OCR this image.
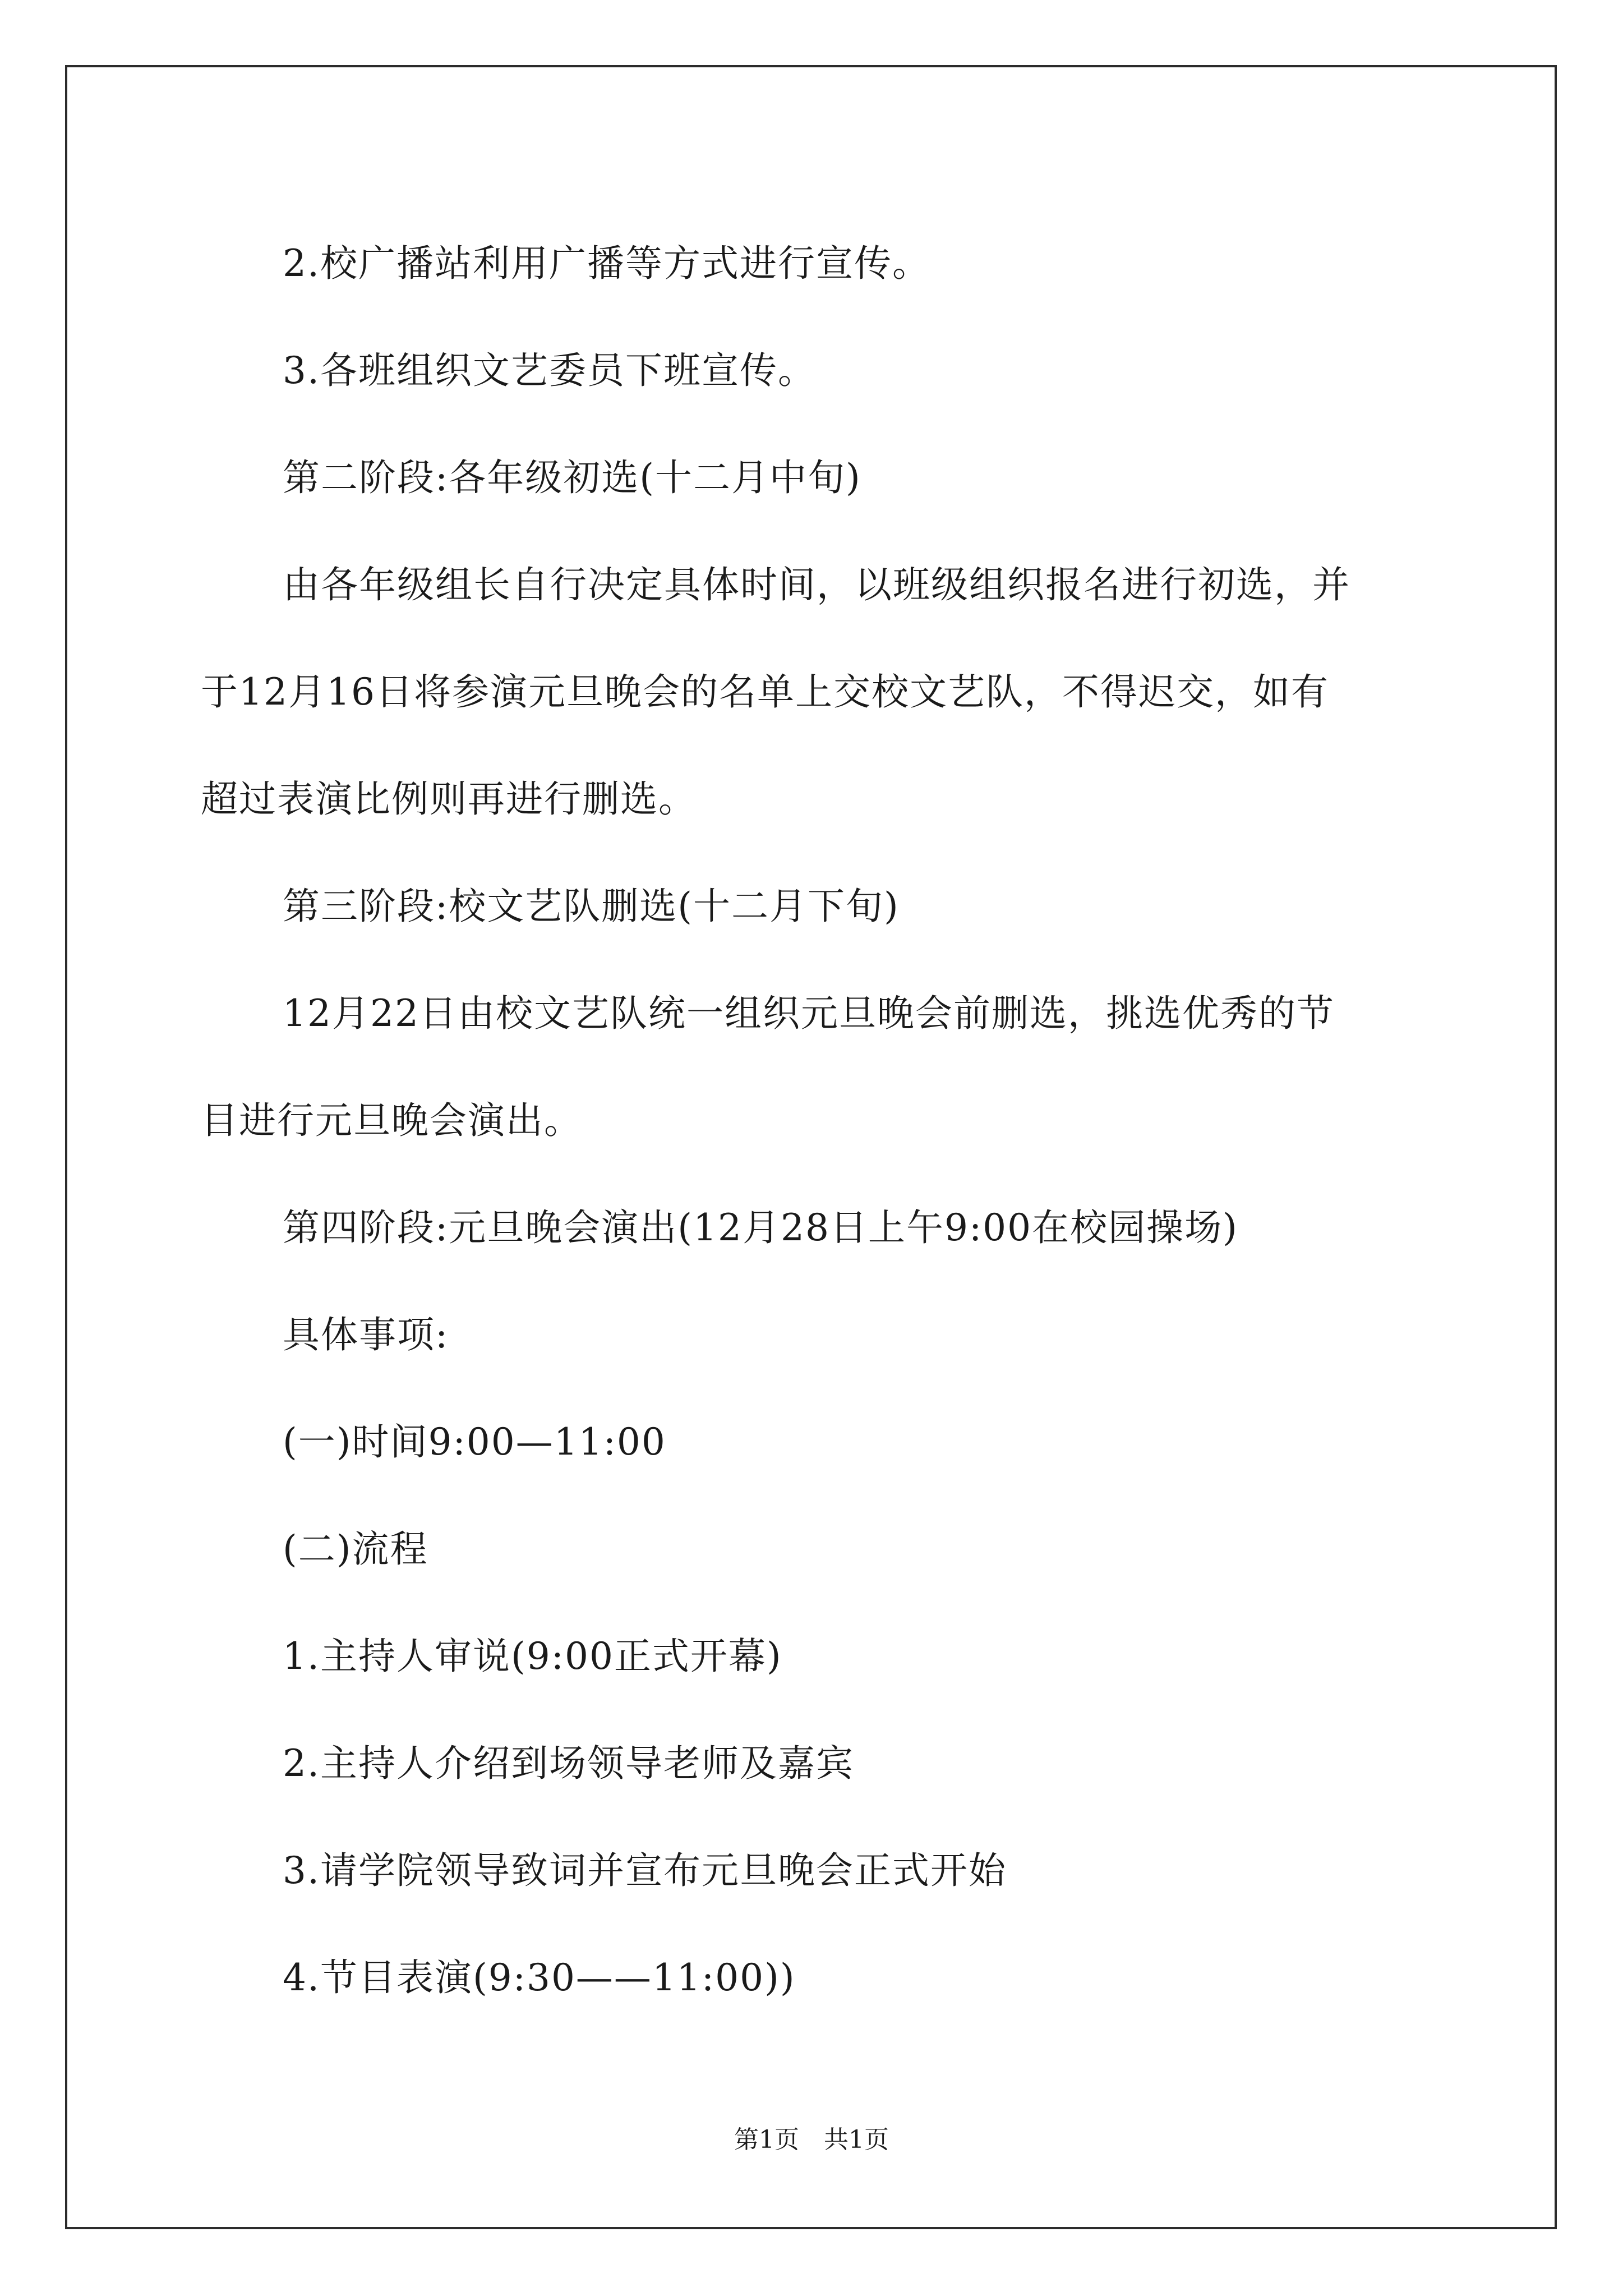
2.校广播站利用广播等方式进行宣传。

3.各班组织文艺委员下班宣传。

第二阶段:各年级初选(十二月中旬)

由各年级组长自行决定具体时间，以班级组织报名进行初选，并

于12月16日将参演元旦晚会的名单上交校文艺队，不得迟交，如有

超过表演比例则再进行删选。

第三阶段:校文艺队删选(十二月下旬)

12月22日由校文艺队统一组织元旦晚会前删选，挑选优秀的节

目进行元旦晚会演出。

第四阶段:元旦晚会演出(12月28日上午9:00在校园操场)

具体事项:

(一)时间9:00—11:00

(二)流程

1.主持人审说(9:00正式开幕)

2.主持人介绍到场领导老师及嘉宾

3.请学院领导致词并宣布元旦晚会正式开始

4.节目表演(9:30——11:00))

第1页　共1页
